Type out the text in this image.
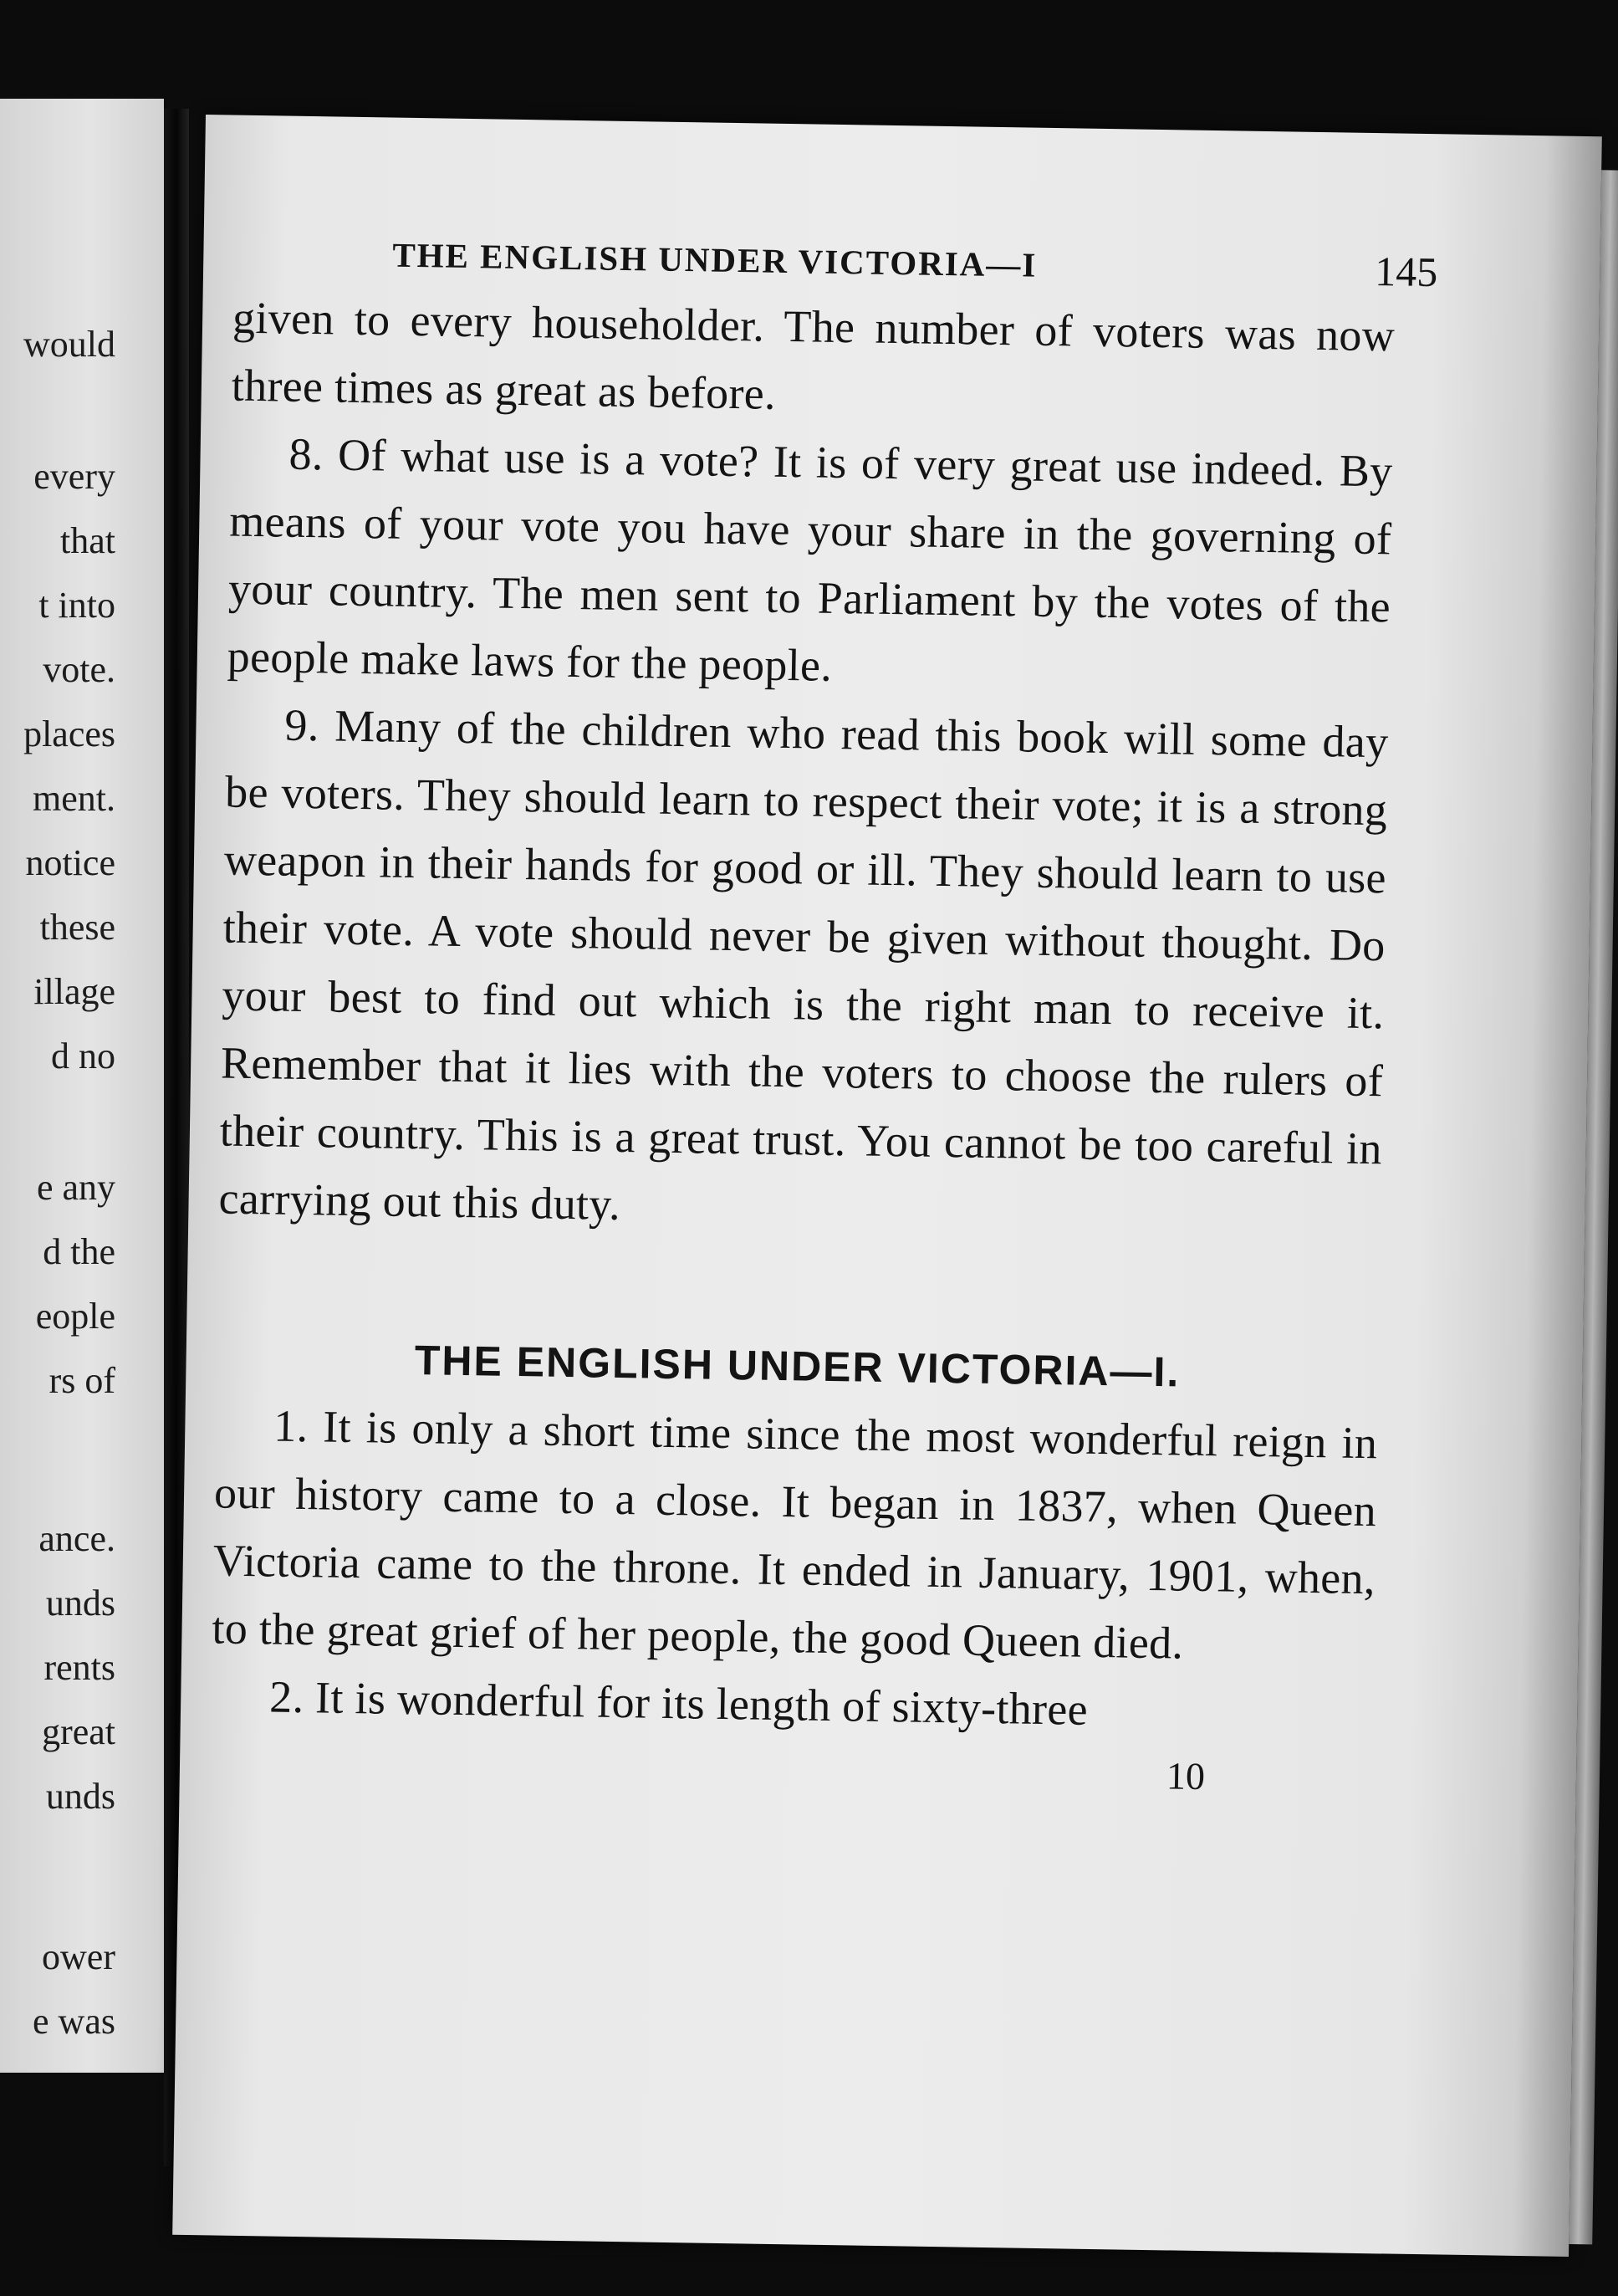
would
every
that
t into
vote.
places
ment.
notice
these
illage
d no
e any
d the
eople
rs of
ance.
unds
rents
great
unds
ower
e was
THE ENGLISH UNDER VICTORIA—I	145

given to every householder. The number of voters was now three times as great as before.

8. Of what use is a vote? It is of very great use indeed. By means of your vote you have your share in the governing of your country. The men sent to Parliament by the votes of the people make laws for the people.

9. Many of the children who read this book will some day be voters. They should learn to respect their vote; it is a strong weapon in their hands for good or ill. They should learn to use their vote. A vote should never be given without thought. Do your best to find out which is the right man to receive it. Remember that it lies with the voters to choose the rulers of their country. This is a great trust. You cannot be too careful in carrying out this duty.

THE ENGLISH UNDER VICTORIA—I.

1. It is only a short time since the most wonderful reign in our history came to a close. It began in 1837, when Queen Victoria came to the throne. It ended in January, 1901, when, to the great grief of her people, the good Queen died.

2. It is wonderful for its length of sixty-three

10
